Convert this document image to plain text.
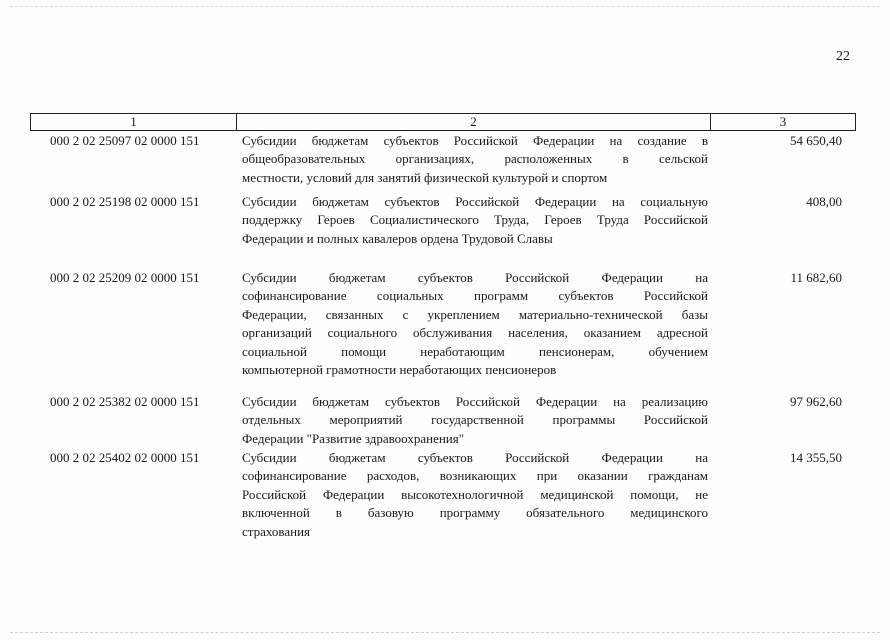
22
1	2	3
000 2 02 25097 02 0000 151	Субсидии бюджетам субъектов Российской Федерации на создание в
общеобразовательных организациях, расположенных в сельской
местности, условий для занятий физической культурой и спортом
54 650,40
000 2 02 25198 02 0000 151	Субсидии бюджетам субъектов Российской Федерации на социальную
поддержку Героев Социалистического Труда, Героев Труда Российской
Федерации и полных кавалеров ордена Трудовой Славы
408,00
000 2 02 25209 02 0000 151	Субсидии бюджетам субъектов Российской Федерации на
софинансирование социальных программ субъектов Российской
Федерации, связанных с укреплением материально-технической базы
организаций социального обслуживания населения, оказанием адресной
социальной помощи неработающим пенсионерам, обучением
компьютерной грамотности неработающих пенсионеров
11 682,60
000 2 02 25382 02 0000 151	Субсидии бюджетам субъектов Российской Федерации на реализацию
отдельных мероприятий государственной программы Российской
Федерации "Развитие здравоохранения"
97 962,60
000 2 02 25402 02 0000 151	Субсидии бюджетам субъектов Российской Федерации на
софинансирование расходов, возникающих при оказании гражданам
Российской Федерации высокотехнологичной медицинской помощи, не
включенной в базовую программу обязательного медицинского
страхования
14 355,50
